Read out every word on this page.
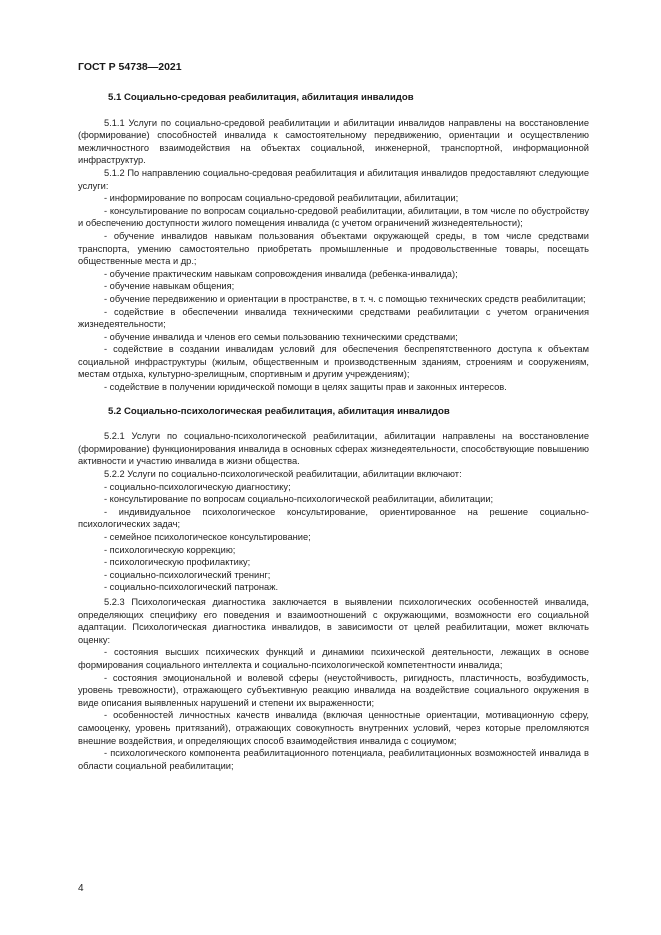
ГОСТ Р 54738—2021
5.1 Социально-средовая реабилитация, абилитация инвалидов

5.1.1 Услуги по социально-средовой реабилитации и абилитации инвалидов направлены на восстановление (формирование) способностей инвалида к самостоятельному передвижению, ориентации и осуществлению межличностного взаимодействия на объектах социальной, инженерной, транспортной, информационной инфраструктур.

5.1.2 По направлению социально-средовая реабилитация и абилитация инвалидов предоставляют следующие услуги:

- информирование по вопросам социально-средовой реабилитации, абилитации;

- консультирование по вопросам социально-средовой реабилитации, абилитации, в том числе по обустройству и обеспечению доступности жилого помещения инвалида (с учетом ограничений жизнедеятельности);

- обучение инвалидов навыкам пользования объектами окружающей среды, в том числе средствами транспорта, умению самостоятельно приобретать промышленные и продовольственные товары, посещать общественные места и др.;

- обучение практическим навыкам сопровождения инвалида (ребенка-инвалида);

- обучение навыкам общения;

- обучение передвижению и ориентации в пространстве, в т. ч. с помощью технических средств реабилитации;

- содействие в обеспечении инвалида техническими средствами реабилитации с учетом ограничения жизнедеятельности;

- обучение инвалида и членов его семьи пользованию техническими средствами;

- содействие в создании инвалидам условий для обеспечения беспрепятственного доступа к объектам социальной инфраструктуры (жилым, общественным и производственным зданиям, строениям и сооружениям, местам отдыха, культурно-зрелищным, спортивным и другим учреждениям);

- содействие в получении юридической помощи в целях защиты прав и законных интересов.

5.2 Социально-психологическая реабилитация, абилитация инвалидов

5.2.1 Услуги по социально-психологической реабилитации, абилитации направлены на восстановление (формирование) функционирования инвалида в основных сферах жизнедеятельности, способствующие повышению активности и участию инвалида в жизни общества.

5.2.2 Услуги по социально-психологической реабилитации, абилитации включают:

- социально-психологическую диагностику;

- консультирование по вопросам социально-психологической реабилитации, абилитации;

- индивидуальное психологическое консультирование, ориентированное на решение социально-психологических задач;

- семейное психологическое консультирование;

- психологическую коррекцию;

- психологическую профилактику;

- социально-психологический тренинг;

- социально-психологический патронаж.

5.2.3 Психологическая диагностика заключается в выявлении психологических особенностей инвалида, определяющих специфику его поведения и взаимоотношений с окружающими, возможности его социальной адаптации. Психологическая диагностика инвалидов, в зависимости от целей реабилитации, может включать оценку:

- состояния высших психических функций и динамики психической деятельности, лежащих в основе формирования социального интеллекта и социально-психологической компетентности инвалида;

- состояния эмоциональной и волевой сферы (неустойчивость, ригидность, пластичность, возбудимость, уровень тревожности), отражающего субъективную реакцию инвалида на воздействие социального окружения в виде описания выявленных нарушений и степени их выраженности;

- особенностей личностных качеств инвалида (включая ценностные ориентации, мотивационную сферу, самооценку, уровень притязаний), отражающих совокупность внутренних условий, через которые преломляются внешние воздействия, и определяющих способ взаимодействия инвалида с социумом;

- психологического компонента реабилитационного потенциала, реабилитационных возможностей инвалида в области социальной реабилитации;

4
